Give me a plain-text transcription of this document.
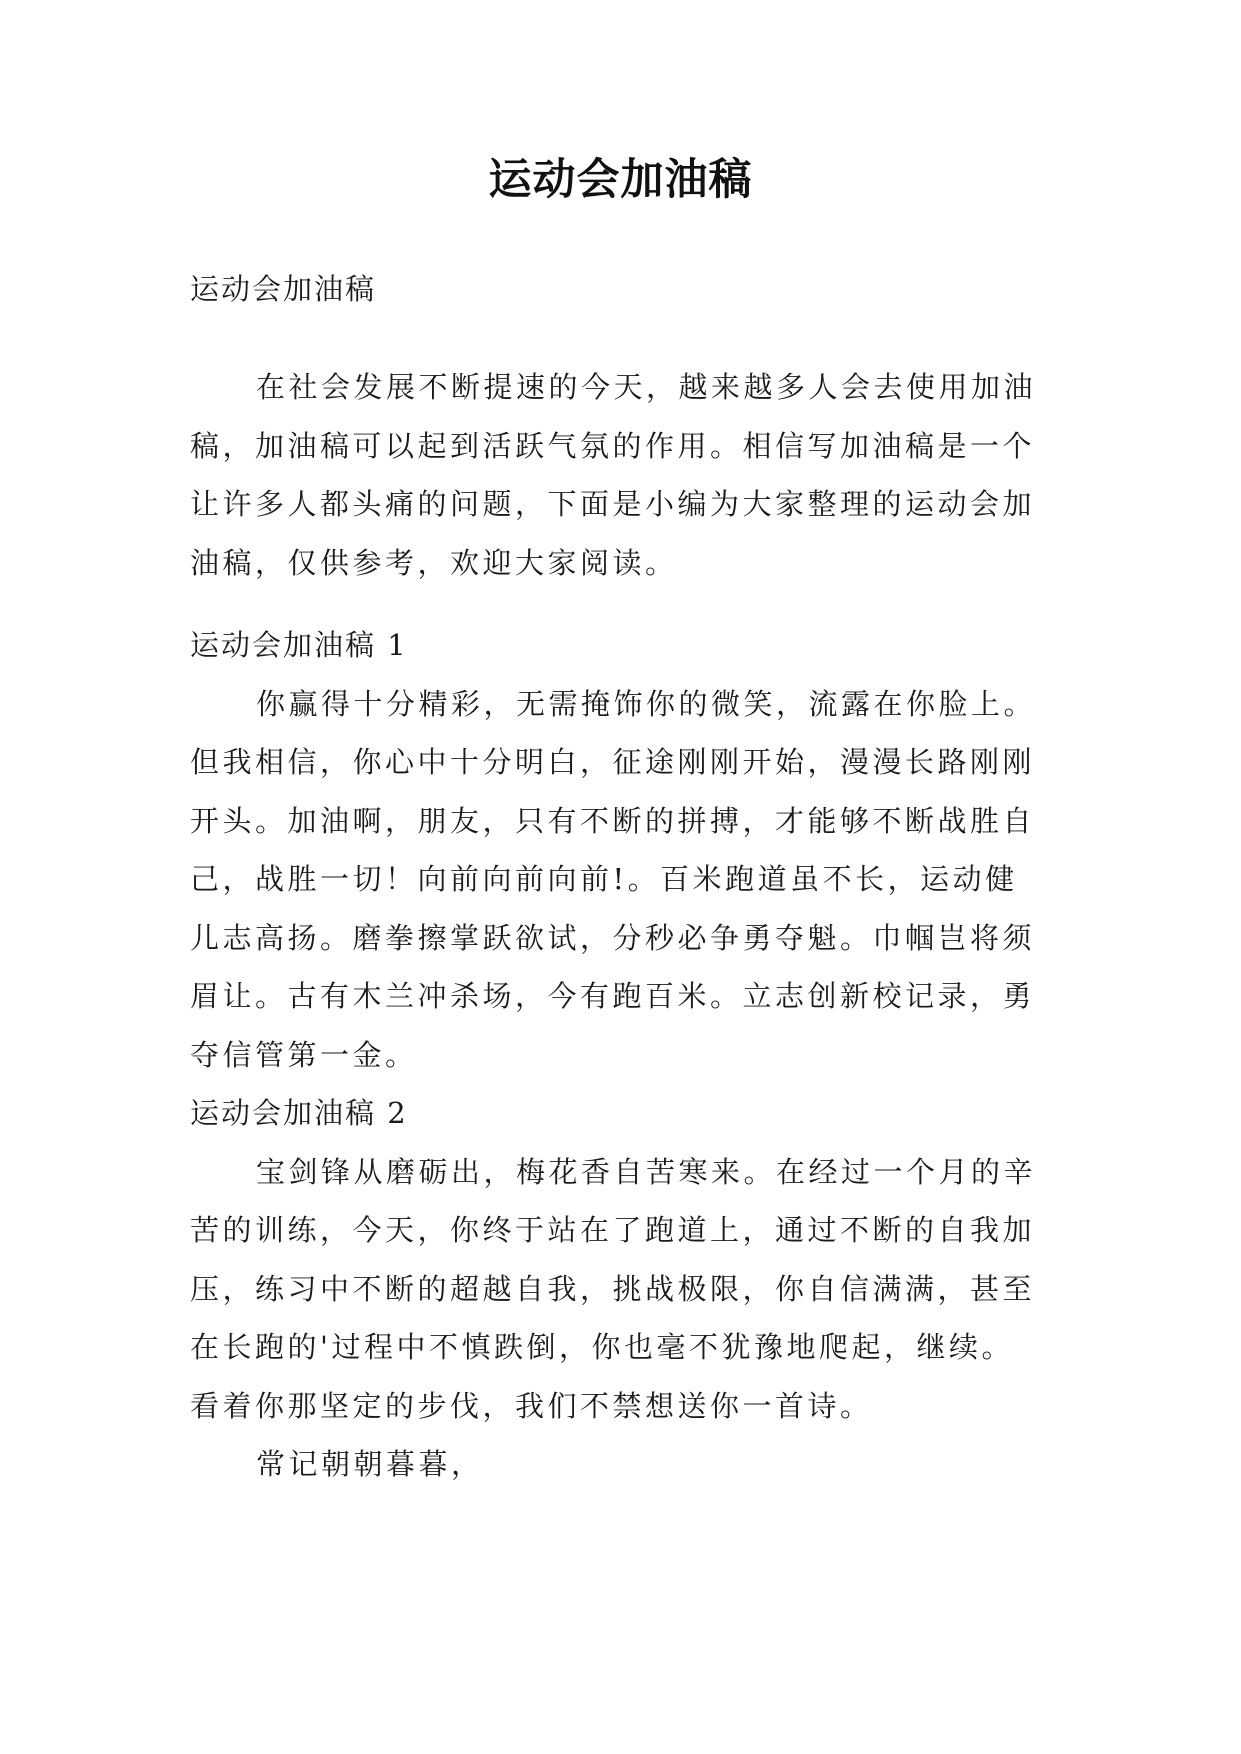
运动会加油稿
运动会加油稿
在社会发展不断提速的今天，越来越多人会去使用加油
稿，加油稿可以起到活跃气氛的作用。相信写加油稿是一个
让许多人都头痛的问题，下面是小编为大家整理的运动会加
油稿，仅供参考，欢迎大家阅读。
运动会加油稿 1
你赢得十分精彩，无需掩饰你的微笑，流露在你脸上。
但我相信，你心中十分明白，征途刚刚开始，漫漫长路刚刚
开头。加油啊，朋友，只有不断的拼搏，才能够不断战胜自
己，战胜一切！向前向前向前!。百米跑道虽不长，运动健
儿志高扬。磨拳擦掌跃欲试，分秒必争勇夺魁。巾帼岂将须
眉让。古有木兰冲杀场，今有跑百米。立志创新校记录，勇
夺信管第一金。
运动会加油稿 2
宝剑锋从磨砺出，梅花香自苦寒来。在经过一个月的辛
苦的训练，今天，你终于站在了跑道上，通过不断的自我加
压，练习中不断的超越自我，挑战极限，你自信满满，甚至
在长跑的'过程中不慎跌倒，你也毫不犹豫地爬起，继续。
看着你那坚定的步伐，我们不禁想送你一首诗。
常记朝朝暮暮，
